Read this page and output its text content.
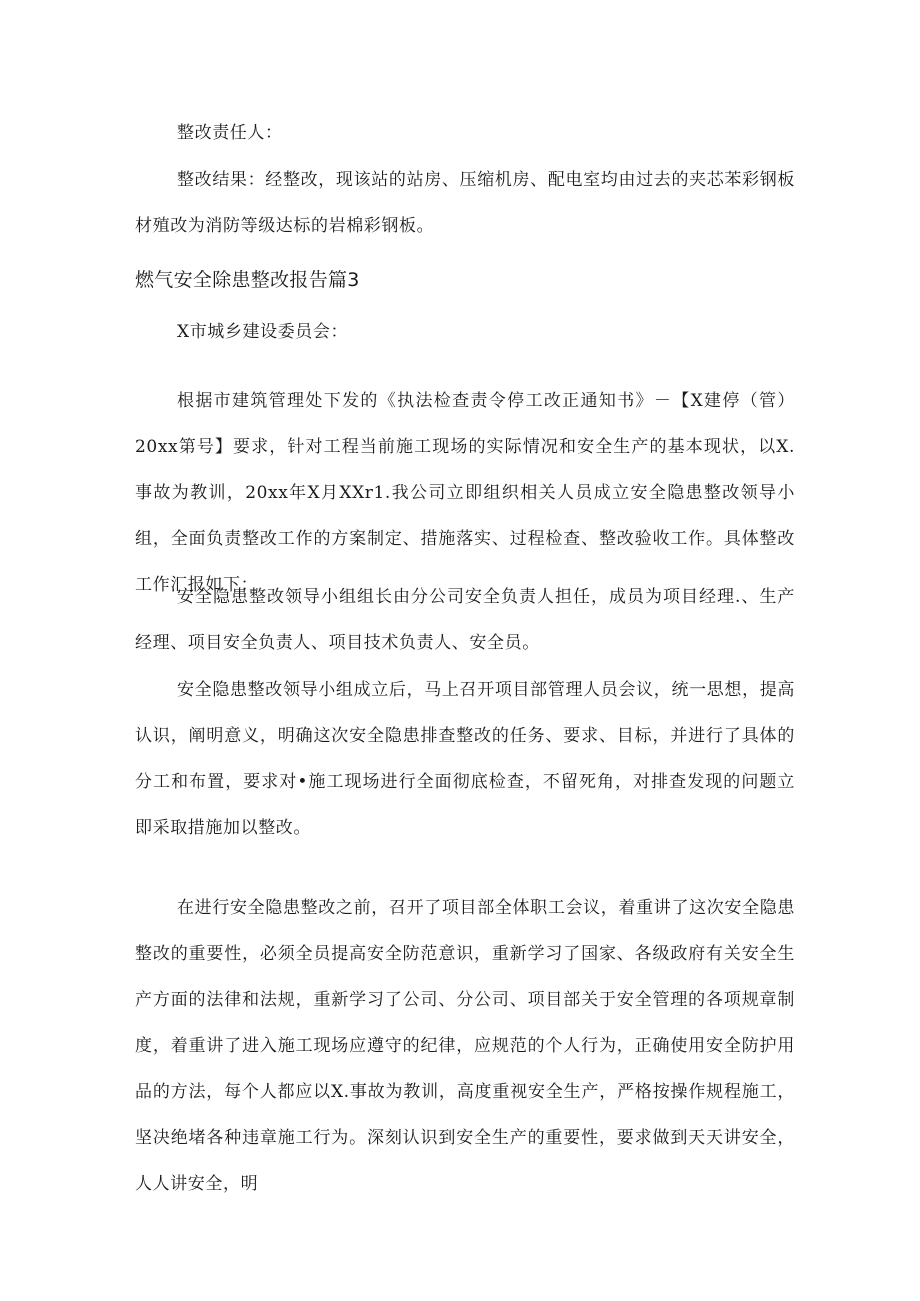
整改责任人：

整改结果：经整改，现该站的站房、压缩机房、配电室均由过去的夹芯苯彩钢板材殖改为消防等级达标的岩棉彩钢板。

燃气安全除患整改报告篇3

X市城乡建设委员会：

根据市建筑管理处下发的《执法检查责令停工改正通知书》－【X建停（管）20xx第号】要求，针对工程当前施工现场的实际情况和安全生产的基本现状，以X.事故为教训，20xx年X月XXr1.我公司立即组织相关人员成立安全隐患整改领导小组，全面负责整改工作的方案制定、措施落实、过程检查、整改验收工作。具体整改工作汇报如下：

安全隐患整改领导小组组长由分公司安全负责人担任，成员为项目经理.、生产经理、项目安全负责人、项目技术负责人、安全员。

安全隐患整改领导小组成立后，马上召开项目部管理人员会议，统一思想，提高认识，阐明意义，明确这次安全隐患排查整改的任务、要求、目标，并进行了具体的分工和布置，要求对•施工现场进行全面彻底检查，不留死角，对排查发现的问题立即采取措施加以整改。

在进行安全隐患整改之前，召开了项目部全体职工会议，着重讲了这次安全隐患整改的重要性，必须全员提高安全防范意识，重新学习了国家、各级政府有关安全生产方面的法律和法规，重新学习了公司、分公司、项目部关于安全管理的各项规章制度，着重讲了进入施工现场应遵守的纪律，应规范的个人行为，正确使用安全防护用品的方法，每个人都应以X.事故为教训，高度重视安全生产，严格按操作规程施工，坚决绝堵各种违章施工行为。深刻认识到安全生产的重要性，要求做到天天讲安全，人人讲安全，明
